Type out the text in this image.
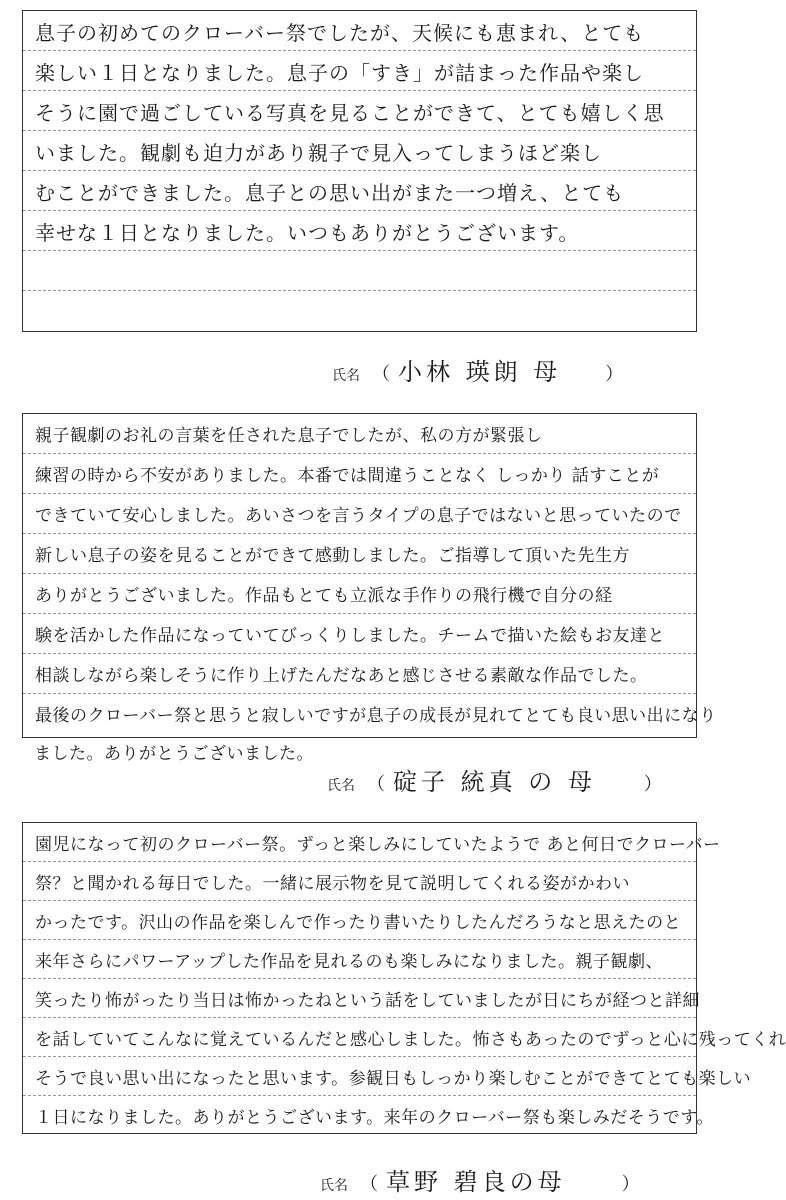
息子の初めてのクローバー祭でしたが、天候にも恵まれ、とても
楽しい１日となりました。息子の「すき」が詰まった作品や楽し
そうに園で過ごしている写真を見ることができて、とても嬉しく思
いました。観劇も迫力があり親子で見入ってしまうほど楽し
むことができました。息子との思い出がまた一つ増え、とても
幸せな１日となりました。いつもありがとうございます。
氏名 （ 小林 瑛朗 母 ）
親子観劇のお礼の言葉を任された息子でしたが、私の方が緊張し
練習の時から不安がありました。本番では間違うことなく しっかり 話すことが
できていて安心しました。あいさつを言うタイプの息子ではないと思っていたので
新しい息子の姿を見ることができて感動しました。ご指導して頂いた先生方
ありがとうございました。作品もとても立派な手作りの飛行機で自分の経
験を活かした作品になっていてびっくりしました。チームで描いた絵もお友達と
相談しながら楽しそうに作り上げたんだなあと感じさせる素敵な作品でした。
最後のクローバー祭と思うと寂しいですが息子の成長が見れてとても良い思い出になり
ました。ありがとうございました。
氏名 （ 碇子 統真 の 母	）
園児になって初のクローバー祭。ずっと楽しみにしていたようで あと何日でクローバー
祭？と聞かれる毎日でした。一緒に展示物を見て説明してくれる姿がかわい
かったです。沢山の作品を楽しんで作ったり書いたりしたんだろうなと思えたのと
来年さらにパワーアップした作品を見れるのも楽しみになりました。親子観劇、
笑ったり怖がったり当日は怖かったねという話をしていましたが日にちが経つと詳細
を話していてこんなに覚えているんだと感心しました。怖さもあったのでずっと心に残ってくれ
そうで良い思い出になったと思います。参観日もしっかり楽しむことができてとても楽しい
１日になりました。ありがとうございます。来年のクローバー祭も楽しみだそうです。
氏名 （ 草野 碧良の母	）
